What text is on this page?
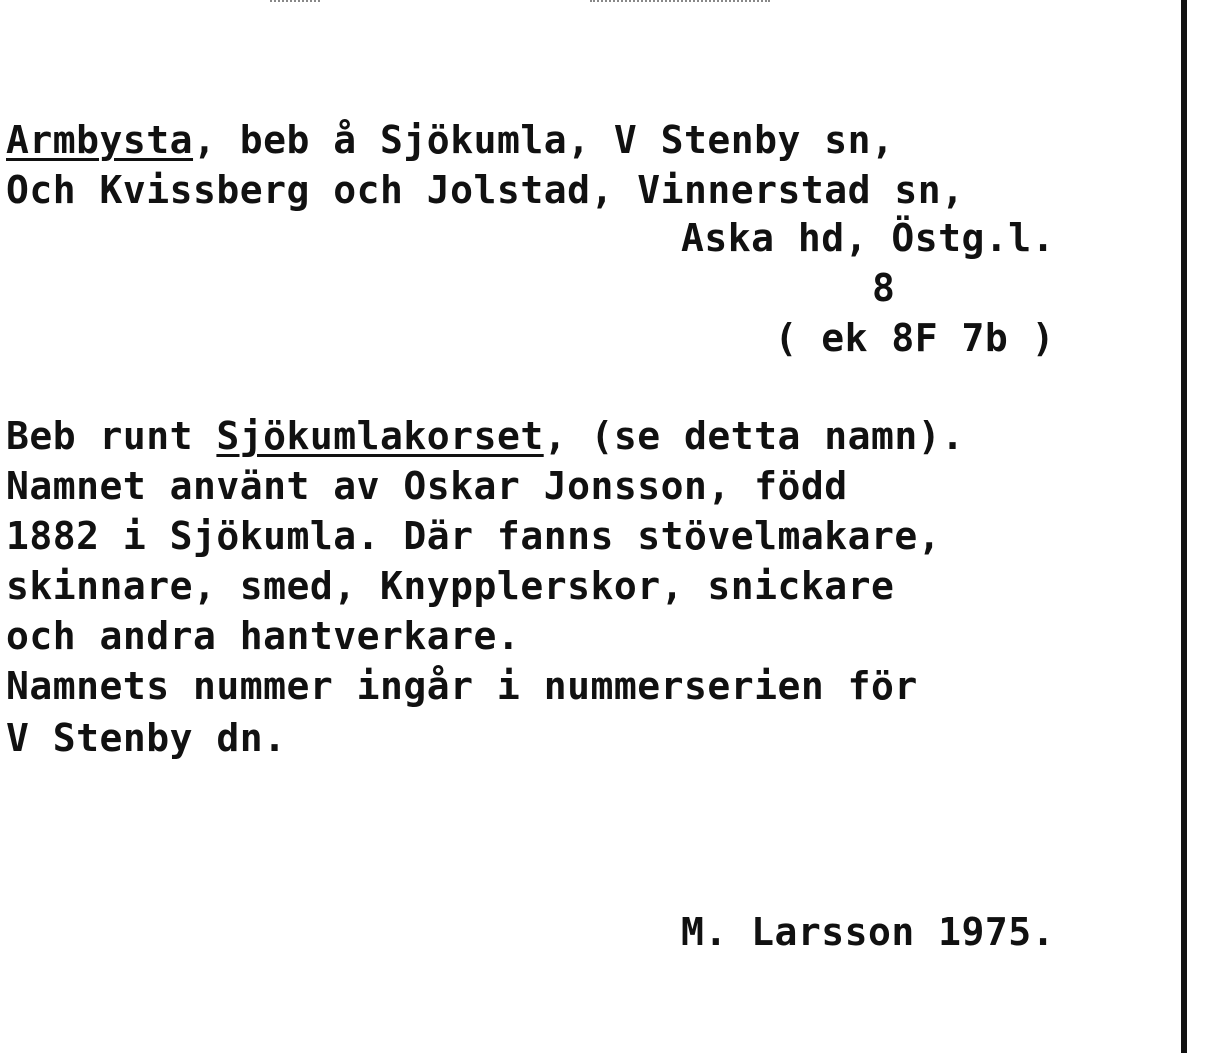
Armbysta, beb å Sjökumla, V Stenby sn,
Och Kvissberg och Jolstad, Vinnerstad sn,
Aska hd, Östg.l.
8
( ek 8F 7b )
Beb runt Sjökumlakorset, (se detta namn).
Namnet använt av Oskar Jonsson, född
1882 i Sjökumla. Där fanns stövelmakare,
skinnare, smed, Knypplerskor, snickare
och andra hantverkare.
Namnets nummer ingår i nummerserien för
V Stenby dn.
M. Larsson 1975.
